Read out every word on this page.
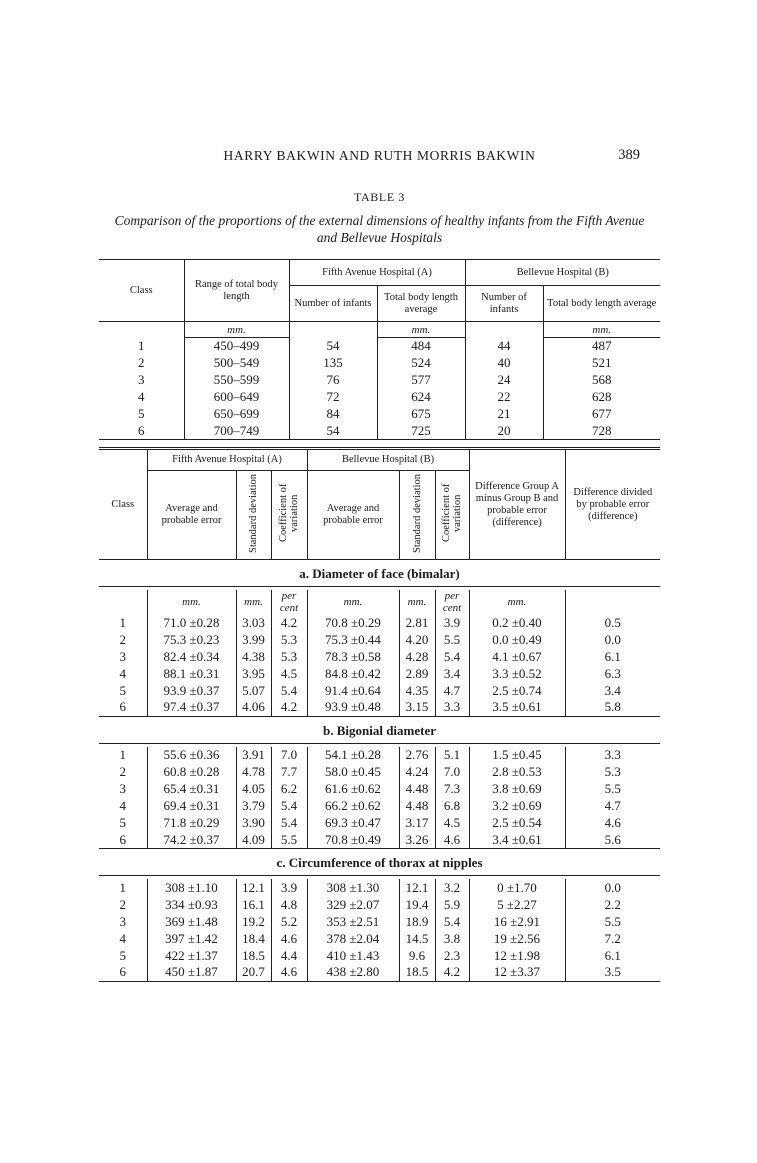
HARRY BAKWIN AND RUTH MORRIS BAKWIN	389
TABLE 3
Comparison of the proportions of the external dimensions of healthy infants from the Fifth Avenue and Bellevue Hospitals
Class	Range of total body length	Fifth Avenue Hospital (A)		Bellevue Hospital (B)	
		Number of infants	Total body length average	Number of infants	Total body length average
	mm.		mm.		mm.
1	450–499	54	484	44	487
2	500–549	135	524	40	521
3	550–599	76	577	24	568
4	600–649	72	624	22	628
5	650–699	84	675	21	677
6	700–749	54	725	20	728
Class	Fifth Avenue Hospital (A)			Bellevue Hospital (B)			Difference Group A minus Group B and probable error (difference)	Difference divided by probable error (difference)
	Average and probable error	Standard deviation	Coefficient of variation	Average and probable error	Standard deviation	Coefficient of variation		
a. Diameter of face (bimalar)
	mm.	mm.	per cent	mm.	mm.	per cent	mm.	
1	71.0 ±0.28	3.03	4.2	70.8 ±0.29	2.81	3.9	0.2 ±0.40	0.5
2	75.3 ±0.23	3.99	5.3	75.3 ±0.44	4.20	5.5	0.0 ±0.49	0.0
3	82.4 ±0.34	4.38	5.3	78.3 ±0.58	4.28	5.4	4.1 ±0.67	6.1
4	88.1 ±0.31	3.95	4.5	84.8 ±0.42	2.89	3.4	3.3 ±0.52	6.3
5	93.9 ±0.37	5.07	5.4	91.4 ±0.64	4.35	4.7	2.5 ±0.74	3.4
6	97.4 ±0.37	4.06	4.2	93.9 ±0.48	3.15	3.3	3.5 ±0.61	5.8
b. Bigonial diameter
1	55.6 ±0.36	3.91	7.0	54.1 ±0.28	2.76	5.1	1.5 ±0.45	3.3
2	60.8 ±0.28	4.78	7.7	58.0 ±0.45	4.24	7.0	2.8 ±0.53	5.3
3	65.4 ±0.31	4.05	6.2	61.6 ±0.62	4.48	7.3	3.8 ±0.69	5.5
4	69.4 ±0.31	3.79	5.4	66.2 ±0.62	4.48	6.8	3.2 ±0.69	4.7
5	71.8 ±0.29	3.90	5.4	69.3 ±0.47	3.17	4.5	2.5 ±0.54	4.6
6	74.2 ±0.37	4.09	5.5	70.8 ±0.49	3.26	4.6	3.4 ±0.61	5.6
c. Circumference of thorax at nipples
1	308 ±1.10	12.1	3.9	308 ±1.30	12.1	3.2	0 ±1.70	0.0
2	334 ±0.93	16.1	4.8	329 ±2.07	19.4	5.9	5 ±2.27	2.2
3	369 ±1.48	19.2	5.2	353 ±2.51	18.9	5.4	16 ±2.91	5.5
4	397 ±1.42	18.4	4.6	378 ±2.04	14.5	3.8	19 ±2.56	7.2
5	422 ±1.37	18.5	4.4	410 ±1.43	9.6	2.3	12 ±1.98	6.1
6	450 ±1.87	20.7	4.6	438 ±2.80	18.5	4.2	12 ±3.37	3.5
